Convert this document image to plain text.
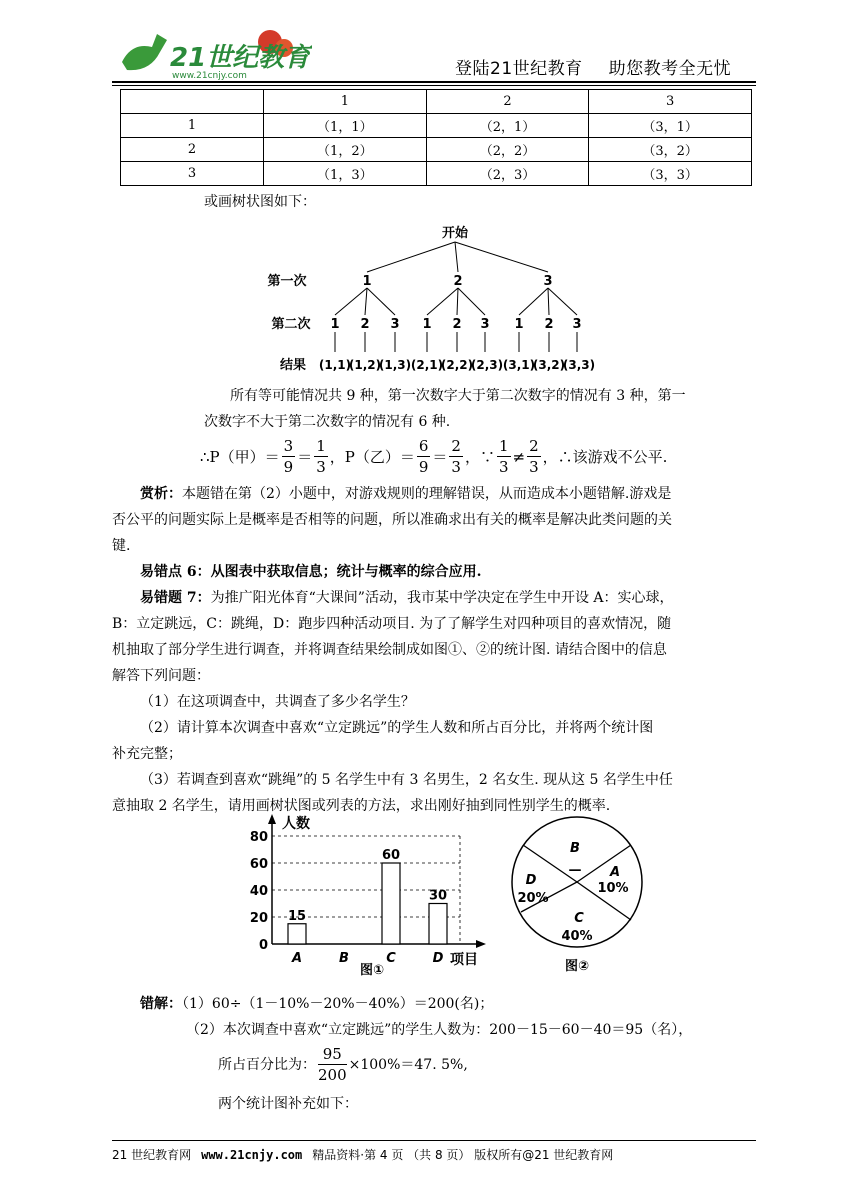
21世纪教育
www.21cnjy.com	登陆21世纪教育 助您教考全无忧
	1	2	3
1	（1，1）	（2，1）	（3，1）
2	（1，2）	（2，2）	（3，2）
3	（1，3）	（2，3）	（3，3）
或画树状图如下：
开始
第一次
第二次
结果
1	2	3
1 2 3 1 2 3 1 2 3
(1,1)
(1,2)
(1,3) (2,1)
(2,2)
(2,3) (3,1)
(3,2)
(3,3)
所有等可能情况共 9 种，第一次数字大于第二次数字的情况有 3 种，第一
次数字不大于第二次数字的情况有 6 种.
∴P（甲）＝ $\frac{3}{9} = \frac{1}{3}$ ，P（乙）＝ $\frac{6}{9} = \frac{2}{3}$ ，∵ $\frac{1}{3} \ne \frac{2}{3}$ ，∴该游戏不公平.
赏析：本题错在第（2）小题中，对游戏规则的理解错误，从而造成本小题错解.游戏是
否公平的问题实际上是概率是否相等的问题，所以准确求出有关的概率是解决此类问题的关
键.
易错点 6：从图表中获取信息；统计与概率的综合应用.
易错题 7：为推广阳光体育“大课间”活动，我市某中学决定在学生中开设 A：实心球，
B：立定跳远，C：跳绳，D：跑步四种活动项目. 为了了解学生对四种项目的喜欢情况，随
机抽取了部分学生进行调查，并将调查结果绘制成如图①、②的统计图. 请结合图中的信息
解答下列问题：
（1）在这项调查中，共调查了多少名学生？
（2）请计算本次调查中喜欢“立定跳远”的学生人数和所占百分比，并将两个统计图
补充完整；
（3）若调查到喜欢“跳绳”的 5 名学生中有 3 名男生，2 名女生. 现从这 5 名学生中任
意抽取 2 名学生，请用画树状图或列表的方法，求出刚好抽到同性别学生的概率.
人数
项目
图①
0
20
40
60
80
A
15
B	C
60
D
30
B
— A
10%
C
40%
D
20%
图②
错解：（1）60÷（1－10%－20%－40%）＝200(名)；
（2）本次调查中喜欢“立定跳远”的学生人数为：200－15－60－40＝95（名），
所占百分比为： $\frac{95}{200} \times 100\%=47$. 5%,
两个统计图补充如下：
21 世纪教育网 www.21cnjy.com 精品资料·第 4 页 （共 8 页） 版权所有@21 世纪教育网
